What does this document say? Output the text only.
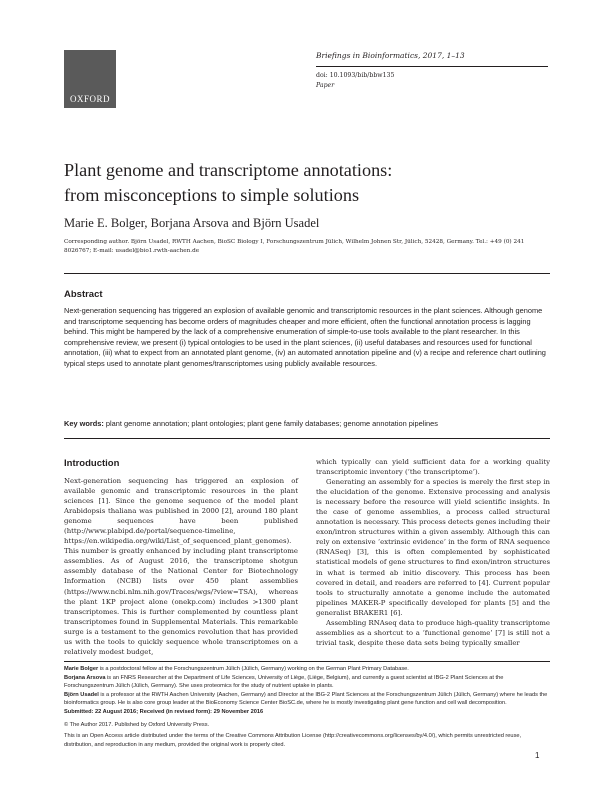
OXFORD
Briefings in Bioinformatics, 2017, 1–13
doi: 10.1093/bib/bbw135
Paper
Plant genome and transcriptome annotations:
from misconceptions to simple solutions
Marie E. Bolger, Borjana Arsova and Björn Usadel
Corresponding author. Björn Usadel, RWTH Aachen, BioSC Biology I, Forschungszentrum Jülich, Wilhelm Johnen Str, Jülich, 52428, Germany. Tel.: +49 (0) 241 8026767; E-mail: usadel@bio1.rwth-aachen.de
Abstract
Next-generation sequencing has triggered an explosion of available genomic and transcriptomic resources in the plant sciences. Although genome and transcriptome sequencing has become orders of magnitudes cheaper and more efficient, often the functional annotation process is lagging behind. This might be hampered by the lack of a comprehensive enumeration of simple-to-use tools available to the plant researcher. In this comprehensive review, we present (i) typical ontologies to be used in the plant sciences, (ii) useful databases and resources used for functional annotation, (iii) what to expect from an annotated plant genome, (iv) an automated annotation pipeline and (v) a recipe and reference chart outlining typical steps used to annotate plant genomes/transcriptomes using publicly available resources.
Key words: plant genome annotation; plant ontologies; plant gene family databases; genome annotation pipelines
Introduction

Next-generation sequencing has triggered an explosion of available genomic and transcriptomic resources in the plant sciences [1]. Since the genome sequence of the model plant Arabidopsis thaliana was published in 2000 [2], around 180 plant genome sequences have been published (http://www.plabipd.de/portal/sequence-timeline, https://en.wikipedia.org/wiki/List_of_sequenced_plant_genomes). This number is greatly enhanced by including plant transcriptome assemblies. As of August 2016, the transcriptome shotgun assembly database of the National Center for Biotechnology Information (NCBI) lists over 450 plant assemblies (https://www.ncbi.nlm.nih.gov/Traces/wgs/?view=TSA), whereas the plant 1KP project alone (onekp.com) includes >1300 plant transcriptomes. This is further complemented by countless plant transcriptomes found in Supplemental Materials. This remarkable surge is a testament to the genomics revolution that has provided us with the tools to quickly sequence whole transcriptomes on a relatively modest budget,

which typically can yield sufficient data for a working quality transcriptomic inventory (‘the transcriptome’).

Generating an assembly for a species is merely the first step in the elucidation of the genome. Extensive processing and analysis is necessary before the resource will yield scientific insights. In the case of genome assemblies, a process called structural annotation is necessary. This process detects genes including their exon/intron structures within a given assembly. Although this can rely on extensive ‘extrinsic evidence’ in the form of RNA sequence (RNASeq) [3], this is often complemented by sophisticated statistical models of gene structures to find exon/intron structures in what is termed ab initio discovery. This process has been covered in detail, and readers are referred to [4]. Current popular tools to structurally annotate a genome include the automated pipelines MAKER-P specifically developed for plants [5] and the generalist BRAKER1 [6].

Assembling RNAseq data to produce high-quality transcriptome assemblies as a shortcut to a ‘functional genome’ [7] is still not a trivial task, despite these data sets being typically smaller

Marie Bolger is a postdoctoral fellow at the Forschungszentrum Jülich (Jülich, Germany) working on the German Plant Primary Database.

Borjana Arsova is an FNRS Researcher at the Department of Life Sciences, University of Liège, (Liège, Belgium), and currently a guest scientist at IBG-2 Plant Sciences at the Forschungszentrum Jülich (Jülich, Germany). She uses proteomics for the study of nutrient uptake in plants.

Björn Usadel is a professor at the RWTH Aachen University (Aachen, Germany) and Director at the IBG-2 Plant Sciences at the Forschungszentrum Jülich (Jülich, Germany) where he leads the bioinformatics group. He is also core group leader at the BioEconomy Science Center BioSC.de, where he is mostly investigating plant gene function and cell wall decomposition.

Submitted: 22 August 2016; Received (in revised form): 29 November 2016

© The Author 2017. Published by Oxford University Press.

This is an Open Access article distributed under the terms of the Creative Commons Attribution License (http://creativecommons.org/licenses/by/4.0/), which permits unrestricted reuse, distribution, and reproduction in any medium, provided the original work is properly cited.

1
